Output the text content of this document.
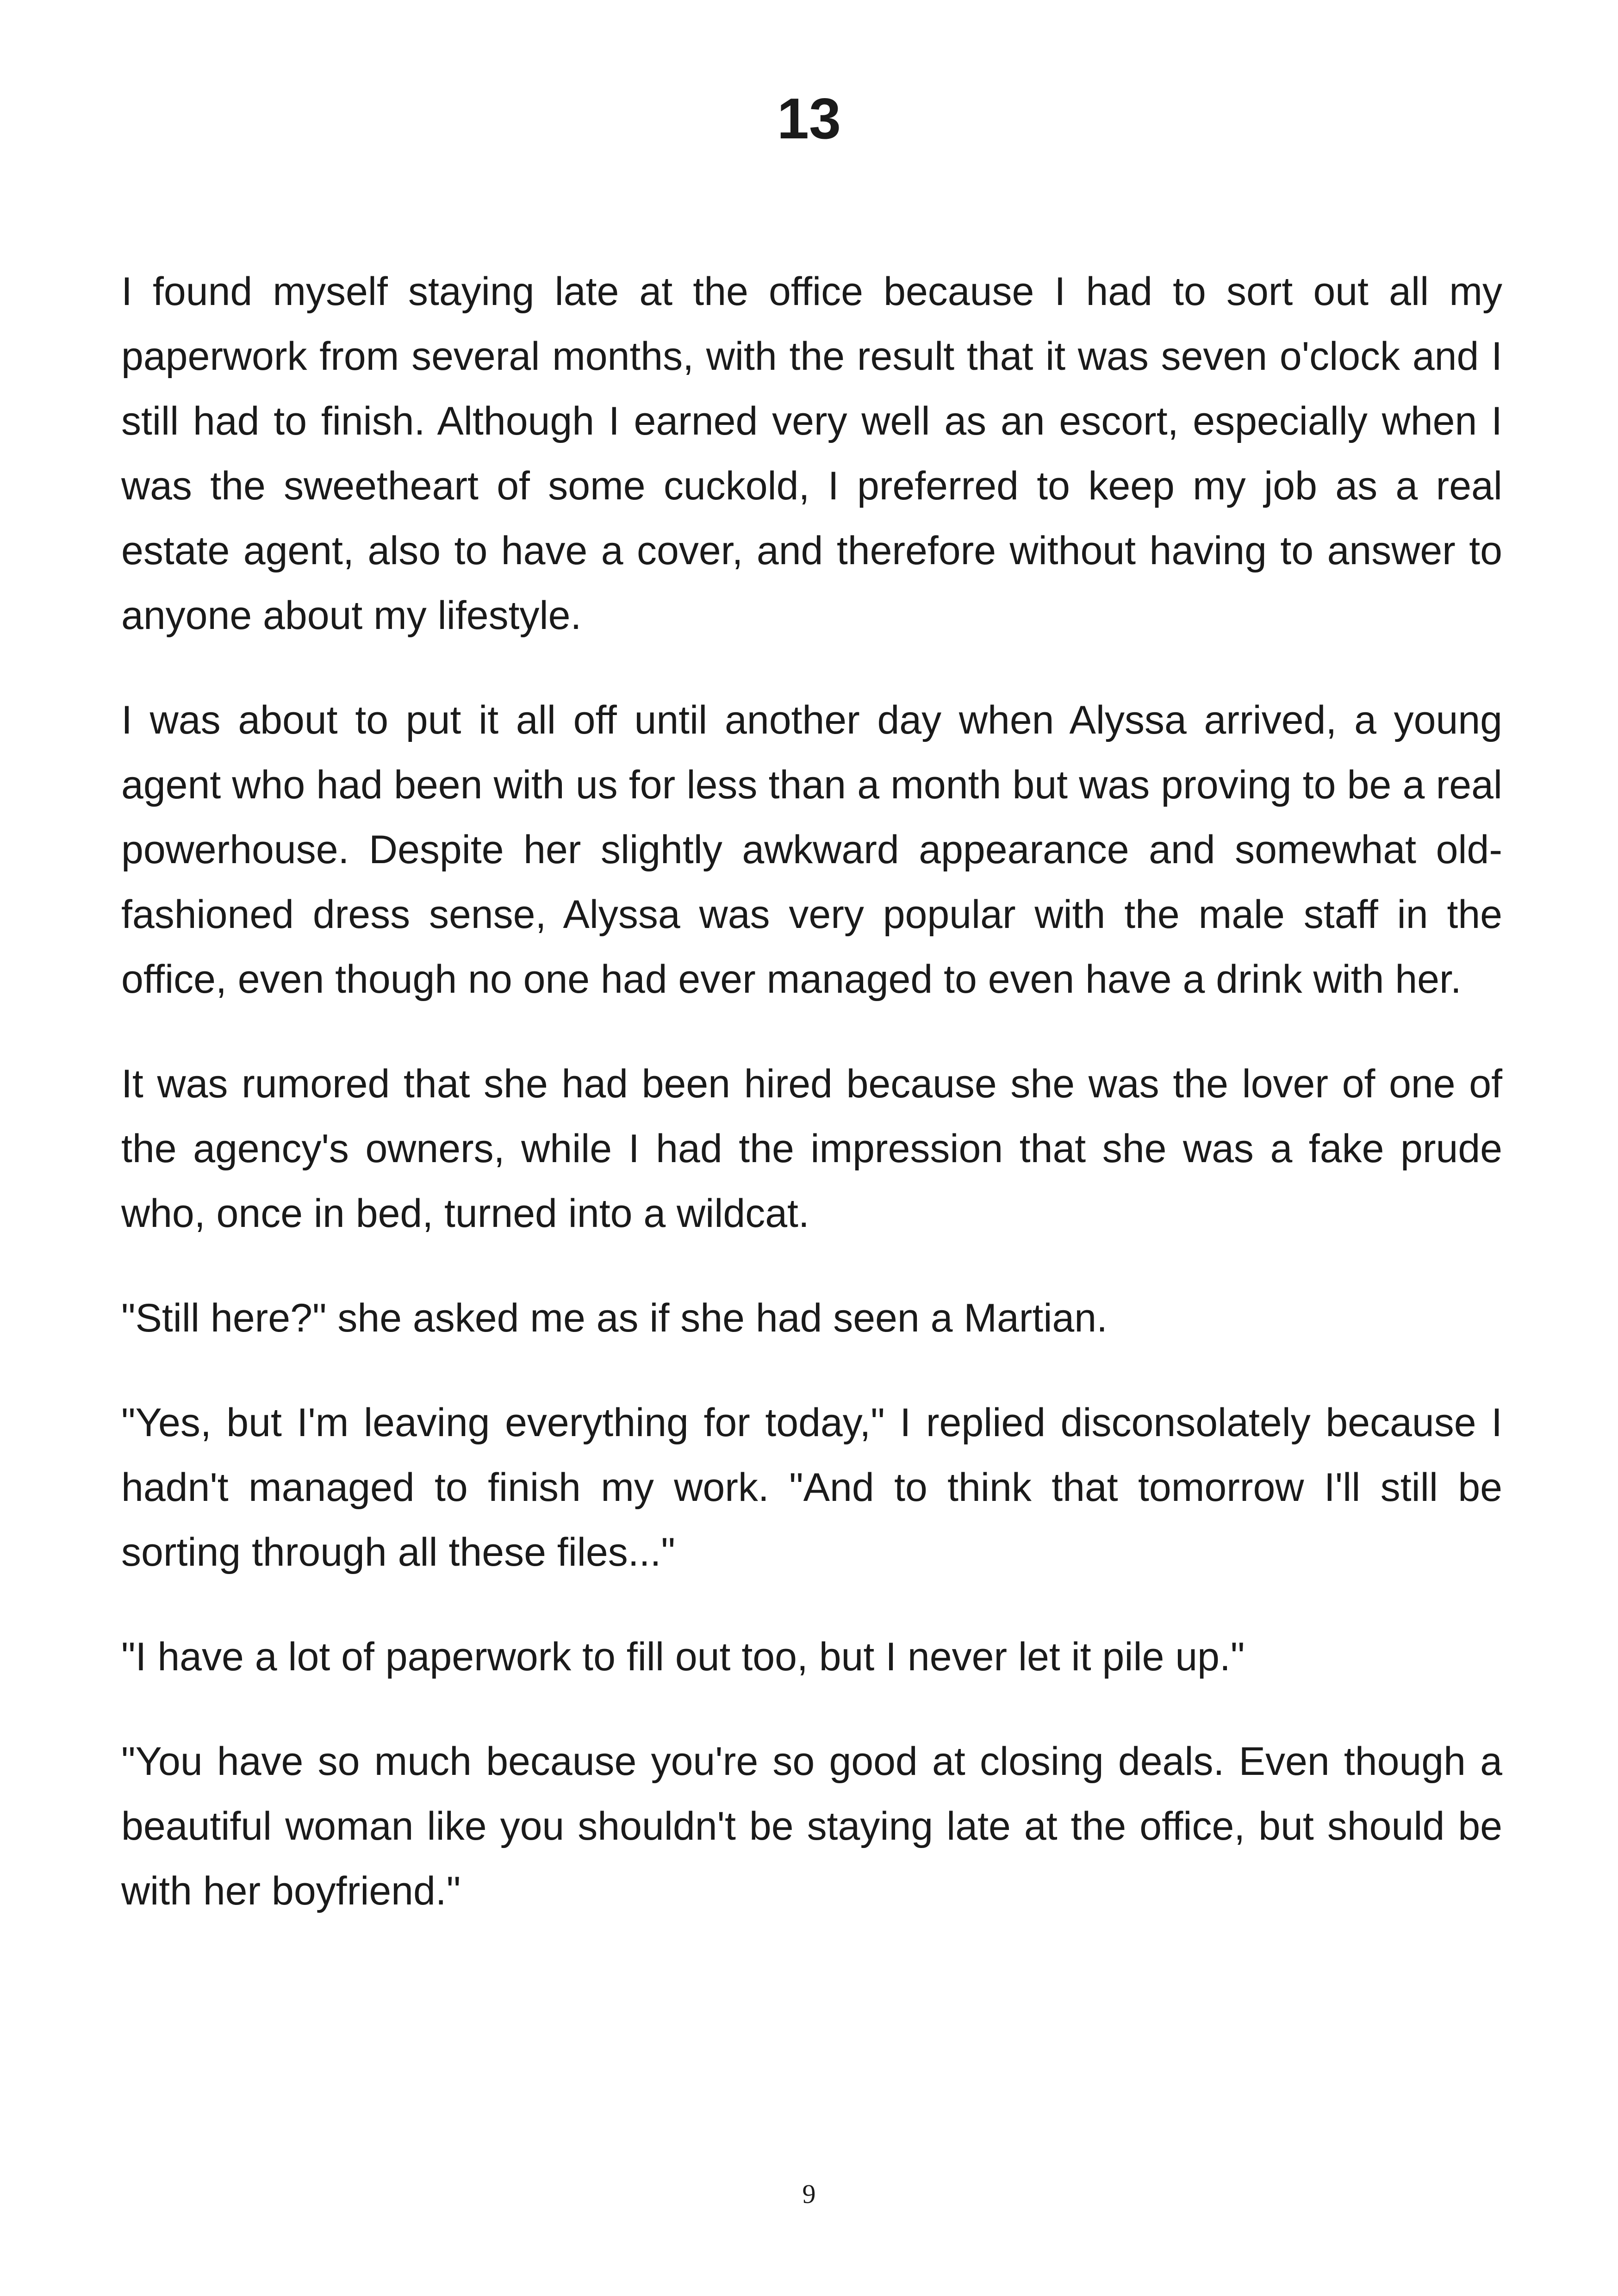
13

I found myself staying late at the office because I had to sort out all my paperwork from several months, with the result that it was seven o'clock and I still had to finish. Although I earned very well as an escort, especially when I was the sweetheart of some cuckold, I preferred to keep my job as a real estate agent, also to have a cover, and therefore without having to answer to anyone about my lifestyle.

I was about to put it all off until another day when Alyssa arrived, a young agent who had been with us for less than a month but was proving to be a real powerhouse. Despite her slightly awkward appearance and somewhat old-fashioned dress sense, Alyssa was very popular with the male staff in the office, even though no one had ever managed to even have a drink with her.

It was rumored that she had been hired because she was the lover of one of the agency's owners, while I had the impression that she was a fake prude who, once in bed, turned into a wildcat.

"Still here?" she asked me as if she had seen a Martian.

"Yes, but I'm leaving everything for today," I replied disconsolately because I hadn't managed to finish my work. "And to think that tomorrow I'll still be sorting through all these files..."

"I have a lot of paperwork to fill out too, but I never let it pile up."

"You have so much because you're so good at closing deals. Even though a beautiful woman like you shouldn't be staying late at the office, but should be with her boyfriend."

9
